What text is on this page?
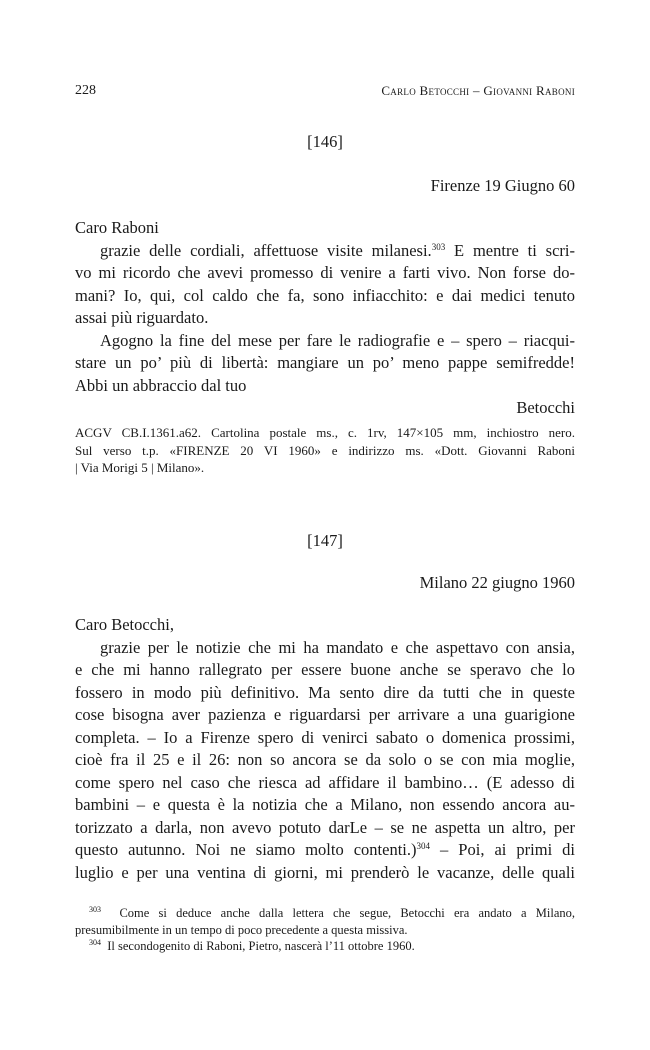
228	Carlo Betocchi – Giovanni Raboni
[146]
Firenze 19 Giugno 60
Caro Raboni
grazie delle cordiali, affettuose visite milanesi.$^{303}$ E mentre ti scri-
vo mi ricordo che avevi promesso di venire a farti vivo. Non forse do-
mani? Io, qui, col caldo che fa, sono infiacchito: e dai medici tenuto
assai più riguardato.
Agogno la fine del mese per fare le radiografie e – spero – riacqui-
stare un po’ più di libertà: mangiare un po’ meno pappe semifredde!
Abbi un abbraccio dal tuo
Betocchi
ACGV CB.I.1361.a62. Cartolina postale ms., c. 1rv, 147×105 mm, inchiostro nero.
Sul verso t.p. «FIRENZE 20 VI 1960» e indirizzo ms. «Dott. Giovanni Raboni
| Via Morigi 5 | Milano».
[147]
Milano 22 giugno 1960
Caro Betocchi,
grazie per le notizie che mi ha mandato e che aspettavo con ansia,
e che mi hanno rallegrato per essere buone anche se speravo che lo
fossero in modo più definitivo. Ma sento dire da tutti che in queste
cose bisogna aver pazienza e riguardarsi per arrivare a una guarigione
completa. – Io a Firenze spero di venirci sabato o domenica prossimi,
cioè fra il 25 e il 26: non so ancora se da solo o se con mia moglie,
come spero nel caso che riesca ad affidare il bambino… (E adesso di
bambini – e questa è la notizia che a Milano, non essendo ancora au-
torizzato a darla, non avevo potuto darLe – se ne aspetta un altro, per
questo autunno. Noi ne siamo molto contenti.)$^{304}$ – Poi, ai primi di
luglio e per una ventina di giorni, mi prenderò le vacanze, delle quali
$^{303}$ Come si deduce anche dalla lettera che segue, Betocchi era andato a Milano,
presumibilmente in un tempo di poco precedente a questa missiva.
$^{304}$ Il secondogenito di Raboni, Pietro, nascerà l’11 ottobre 1960.
